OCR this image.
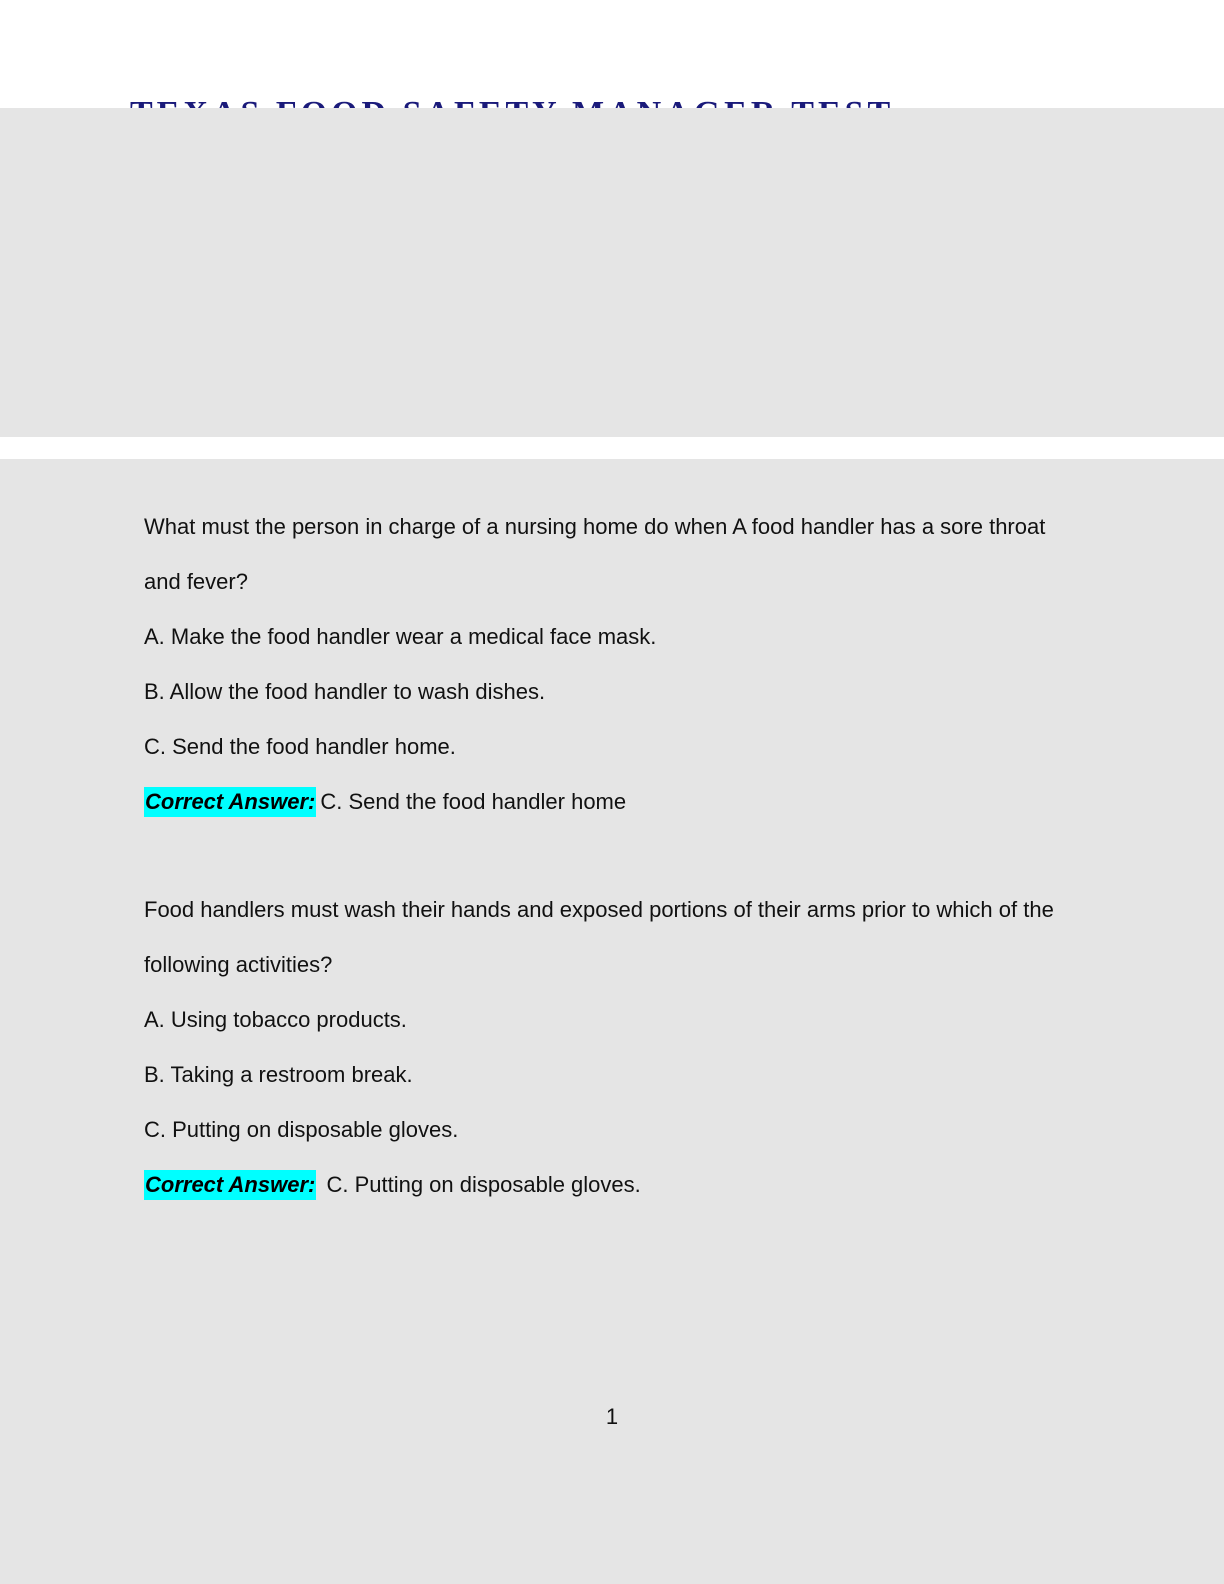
What must the person in charge of a nursing home do when A food handler has a sore throat and fever?

A. Make the food handler wear a medical face mask.

B. Allow the food handler to wash dishes.

C. Send the food handler home.

Correct Answer: C. Send the food handler home

Food handlers must wash their hands and exposed portions of their arms prior to which of the following activities?

A. Using tobacco products.

B. Taking a restroom break.

C. Putting on disposable gloves.

Correct Answer: C. Putting on disposable gloves.

1
